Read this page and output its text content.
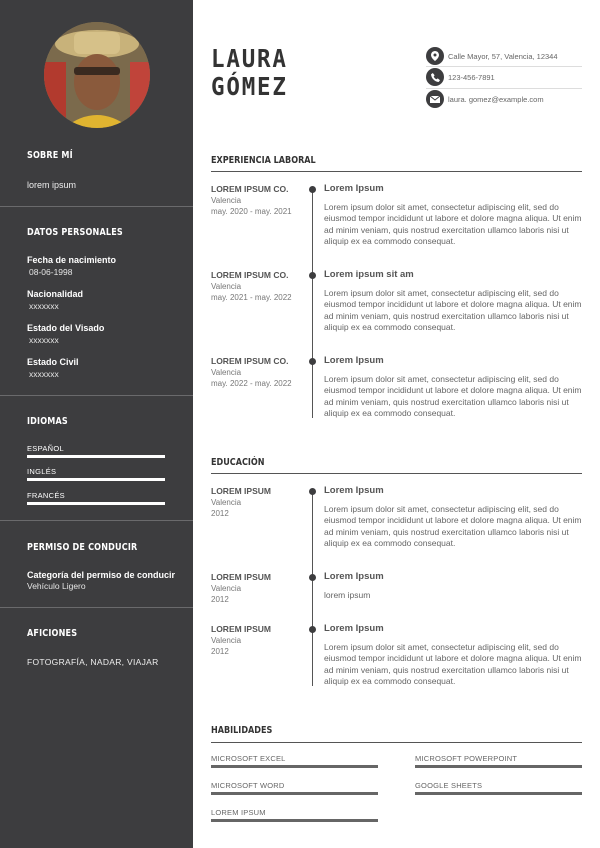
SOBRE MÍ
lorem ipsum
DATOS PERSONALES
Fecha de nacimiento
08-06-1998
Nacionalidad
xxxxxxx
Estado del Visado
xxxxxxx
Estado Civil
xxxxxxx
IDIOMAS
ESPAÑOL
INGLÉS
FRANCÉS
PERMISO DE CONDUCIR
Categoría del permiso de conducir
Vehículo Ligero
AFICIONES
FOTOGRAFÍA, NADAR, VIAJAR
LAURA
GÓMEZ
Calle Mayor, 57, Valencia, 12344
123-456-7891
laura. gomez@example.com
EXPERIENCIA LABORAL
LOREM IPSUM CO.
Valencia
may. 2020 - may. 2021
Lorem Ipsum
Lorem ipsum dolor sit amet, consectetur adipiscing elit, sed do eiusmod tempor incididunt ut labore et dolore magna aliqua. Ut enim ad minim veniam, quis nostrud exercitation ullamco laboris nisi ut aliquip ex ea commodo consequat.
LOREM IPSUM CO.
Valencia
may. 2021 - may. 2022
Lorem ipsum sit am
Lorem ipsum dolor sit amet, consectetur adipiscing elit, sed do eiusmod tempor incididunt ut labore et dolore magna aliqua. Ut enim ad minim veniam, quis nostrud exercitation ullamco laboris nisi ut aliquip ex ea commodo consequat.
LOREM IPSUM CO.
Valencia
may. 2022 - may. 2022
Lorem Ipsum
Lorem ipsum dolor sit amet, consectetur adipiscing elit, sed do eiusmod tempor incididunt ut labore et dolore magna aliqua. Ut enim ad minim veniam, quis nostrud exercitation ullamco laboris nisi ut aliquip ex ea commodo consequat.
EDUCACIÓN
LOREM IPSUM
Valencia
2012
Lorem Ipsum
Lorem ipsum dolor sit amet, consectetur adipiscing elit, sed do eiusmod tempor incididunt ut labore et dolore magna aliqua. Ut enim ad minim veniam, quis nostrud exercitation ullamco laboris nisi ut aliquip ex ea commodo consequat.
LOREM IPSUM
Valencia
2012
Lorem Ipsum
lorem ipsum
LOREM IPSUM
Valencia
2012
Lorem Ipsum
Lorem ipsum dolor sit amet, consectetur adipiscing elit, sed do eiusmod tempor incididunt ut labore et dolore magna aliqua. Ut enim ad minim veniam, quis nostrud exercitation ullamco laboris nisi ut aliquip ex ea commodo consequat.
HABILIDADES
MICROSOFT EXCEL	MICROSOFT POWERPOINT
MICROSOFT WORD	GOOGLE SHEETS
LOREM IPSUM
